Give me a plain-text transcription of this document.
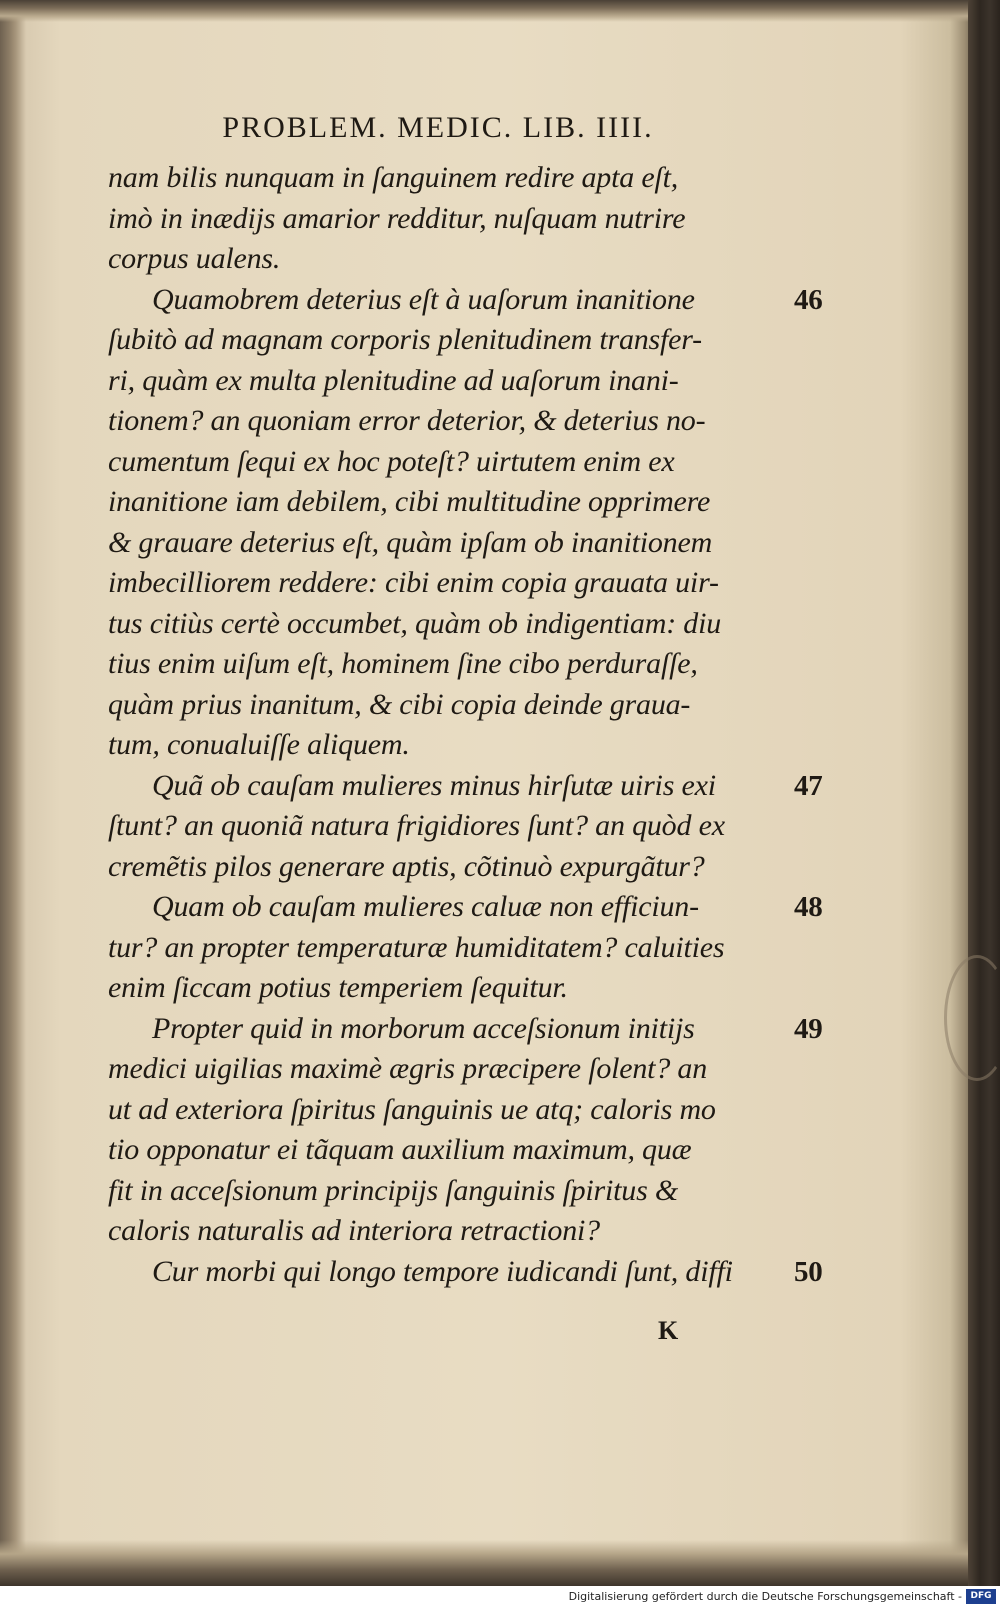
PROBLEM. MEDIC. LIB. IIII.
nam bilis nunquam in ſanguinem redire apta eſt,
imò in inædijs amarior redditur, nuſquam nutrire
corpus ualens.
Quamobrem deterius eſt à uaſorum inanitione	46
ſubitò ad magnam corporis plenitudinem transfer-
ri, quàm ex multa plenitudine ad uaſorum inani-
tionem? an quoniam error deterior, & deterius no-
cumentum ſequi ex hoc poteſt? uirtutem enim ex
inanitione iam debilem, cibi multitudine opprimere
& grauare deterius eſt, quàm ipſam ob inanitionem
imbecilliorem reddere: cibi enim copia grauata uir-
tus citiùs certè occumbet, quàm ob indigentiam: diu
tius enim uiſum eſt, hominem ſine cibo perduraſſe,
quàm prius inanitum, & cibi copia deinde graua-
tum, conualuiſſe aliquem.
Quã ob cauſam mulieres minus hirſutæ uiris exi	47
ſtunt? an quoniã natura frigidiores ſunt? an quòd ex
cremẽtis pilos generare aptis, cõtinuò expurgãtur?
Quam ob cauſam mulieres caluæ non efficiun-	48
tur? an propter temperaturæ humiditatem? caluities
enim ſiccam potius temperiem ſequitur.
Propter quid in morborum acceſsionum initijs	49
medici uigilias maximè ægris præcipere ſolent? an
ut ad exteriora ſpiritus ſanguinis ue atq; caloris mo
tio opponatur ei tãquam auxilium maximum, quæ
fit in acceſsionum principijs ſanguinis ſpiritus &
caloris naturalis ad interiora retractioni?
Cur morbi qui longo tempore iudicandi ſunt, diffi 50
K
Digitalisierung gefördert durch die Deutsche Forschungsgemeinschaft - DFG
